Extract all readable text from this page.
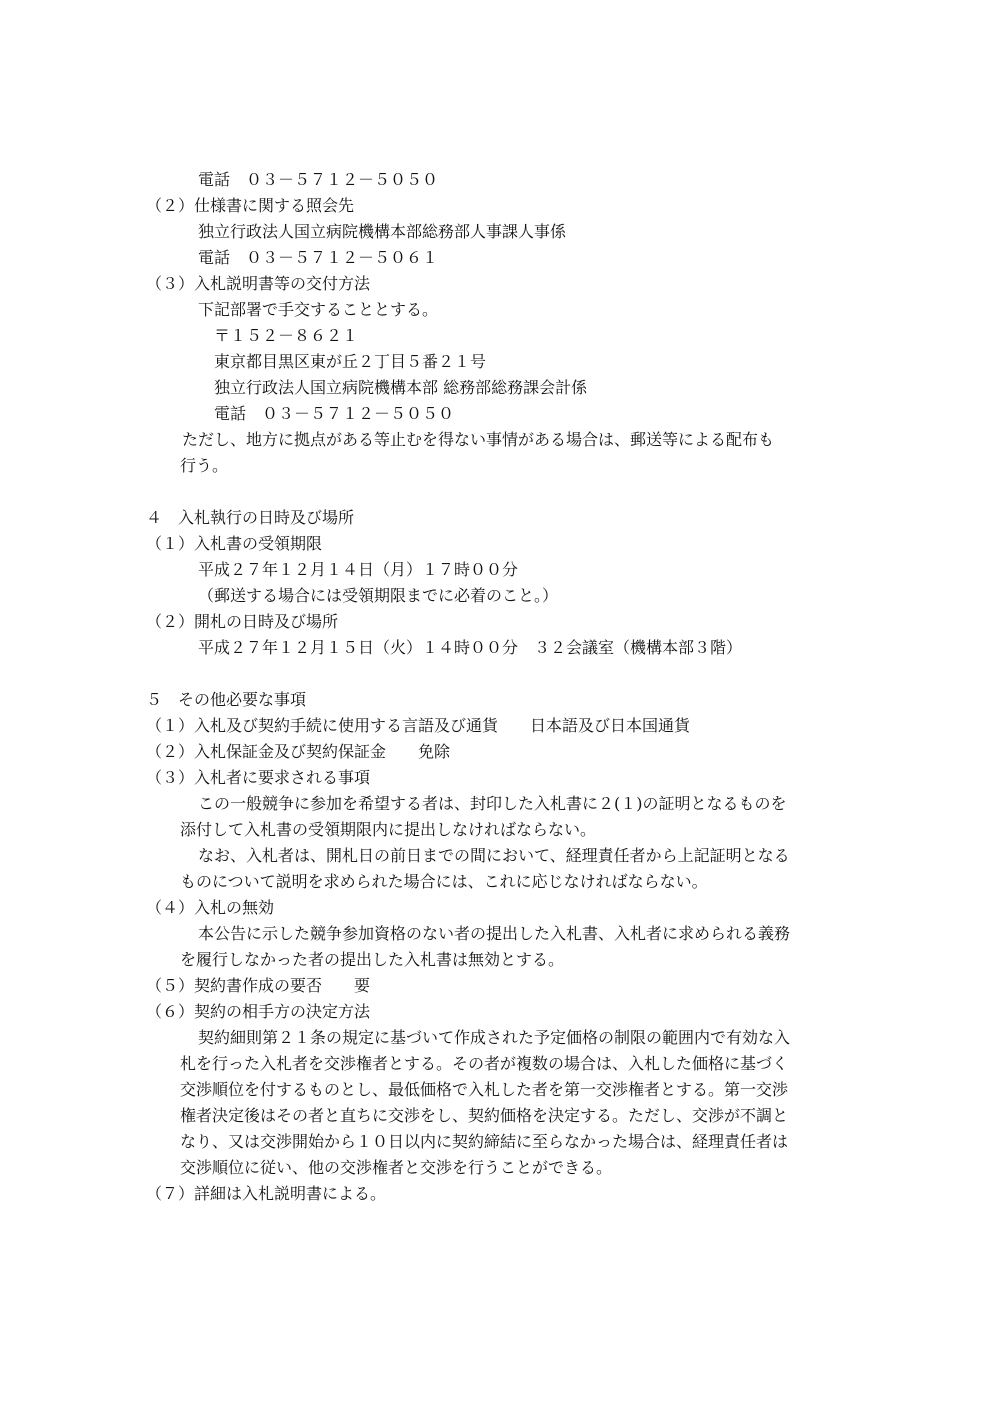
電話　０３－５７１２－５０５０
（２）仕様書に関する照会先
独立行政法人国立病院機構本部総務部人事課人事係
電話　０３－５７１２－５０６１
（３）入札説明書等の交付方法
下記部署で手交することとする。
〒１５２－８６２１
東京都目黒区東が丘２丁目５番２１号
独立行政法人国立病院機構本部 総務部総務課会計係
電話　０３－５７１２－５０５０
ただし、地方に拠点がある等止むを得ない事情がある場合は、郵送等による配布も
行う。
４　入札執行の日時及び場所
（１）入札書の受領期限
平成２７年１２月１４日（月）１７時００分
（郵送する場合には受領期限までに必着のこと。）
（２）開札の日時及び場所
平成２７年１２月１５日（火）１４時００分　３２会議室（機構本部３階）
５　その他必要な事項
（１）入札及び契約手続に使用する言語及び通貨　　日本語及び日本国通貨
（２）入札保証金及び契約保証金　　免除
（３）入札者に要求される事項
この一般競争に参加を希望する者は、封印した入札書に２(１)の証明となるものを
添付して入札書の受領期限内に提出しなければならない。
なお、入札者は、開札日の前日までの間において、経理責任者から上記証明となる
ものについて説明を求められた場合には、これに応じなければならない。
（４）入札の無効
本公告に示した競争参加資格のない者の提出した入札書、入札者に求められる義務
を履行しなかった者の提出した入札書は無効とする。
（５）契約書作成の要否　　要
（６）契約の相手方の決定方法
契約細則第２１条の規定に基づいて作成された予定価格の制限の範囲内で有効な入
札を行った入札者を交渉権者とする。その者が複数の場合は、入札した価格に基づく
交渉順位を付するものとし、最低価格で入札した者を第一交渉権者とする。第一交渉
権者決定後はその者と直ちに交渉をし、契約価格を決定する。ただし、交渉が不調と
なり、又は交渉開始から１０日以内に契約締結に至らなかった場合は、経理責任者は
交渉順位に従い、他の交渉権者と交渉を行うことができる。
（７）詳細は入札説明書による。
